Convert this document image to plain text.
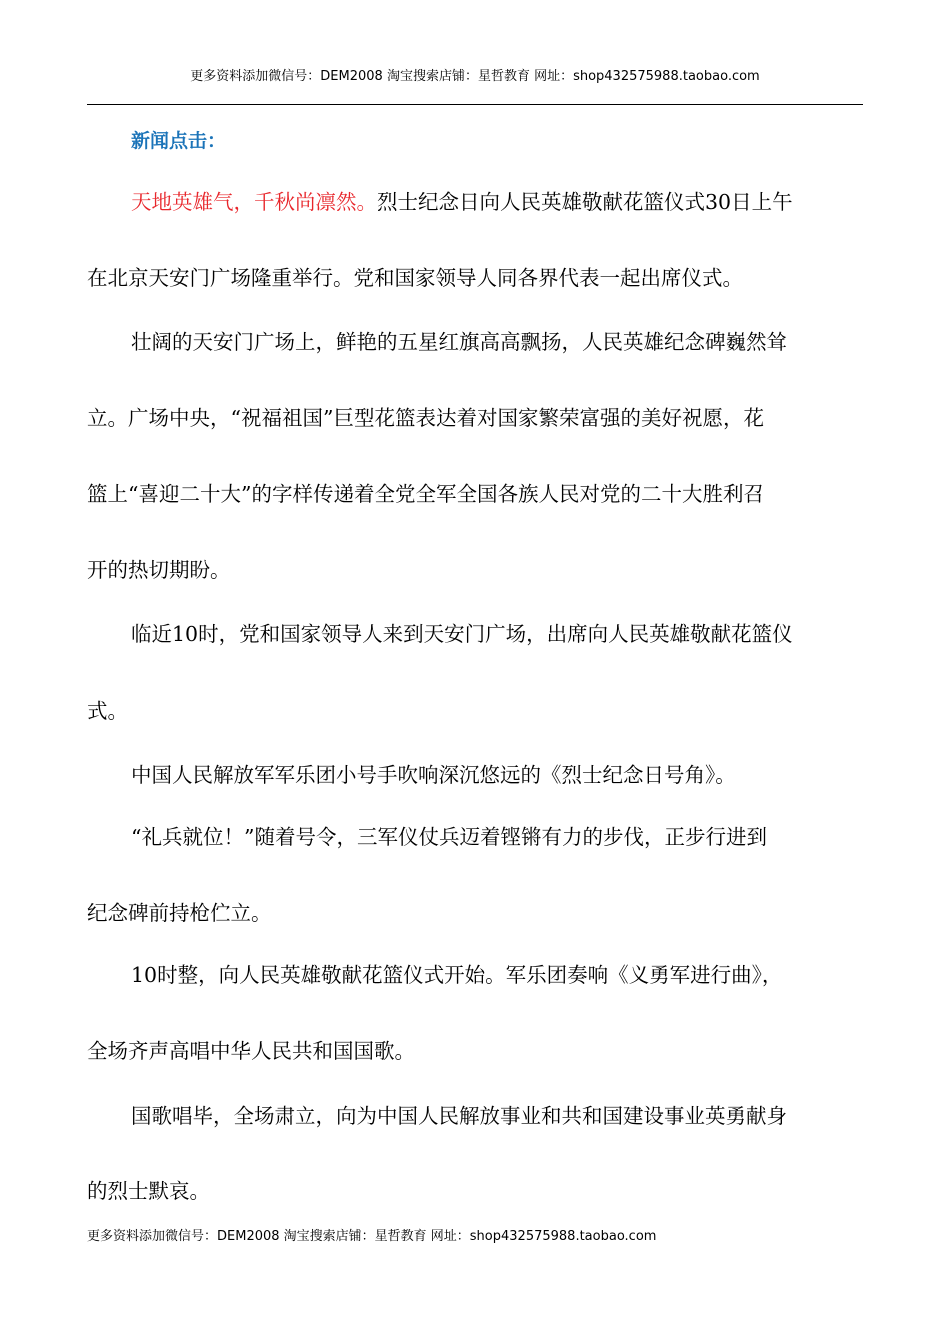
更多资料添加微信号：DEM2008 淘宝搜索店铺：星哲教育 网址：shop432575988.taobao.com
新闻点击：
天地英雄气，千秋尚凛然。烈士纪念日向人民英雄敬献花篮仪式30日上午
在北京天安门广场隆重举行。党和国家领导人同各界代表一起出席仪式。
壮阔的天安门广场上，鲜艳的五星红旗高高飘扬，人民英雄纪念碑巍然耸
立。广场中央，“祝福祖国”巨型花篮表达着对国家繁荣富强的美好祝愿，花
篮上“喜迎二十大”的字样传递着全党全军全国各族人民对党的二十大胜利召
开的热切期盼。
临近10时，党和国家领导人来到天安门广场，出席向人民英雄敬献花篮仪
式。
中国人民解放军军乐团小号手吹响深沉悠远的《烈士纪念日号角》。
“礼兵就位！”随着号令，三军仪仗兵迈着铿锵有力的步伐，正步行进到
纪念碑前持枪伫立。
10时整，向人民英雄敬献花篮仪式开始。军乐团奏响《义勇军进行曲》，
全场齐声高唱中华人民共和国国歌。
国歌唱毕，全场肃立，向为中国人民解放事业和共和国建设事业英勇献身
的烈士默哀。
更多资料添加微信号：DEM2008 淘宝搜索店铺：星哲教育 网址：shop432575988.taobao.com
